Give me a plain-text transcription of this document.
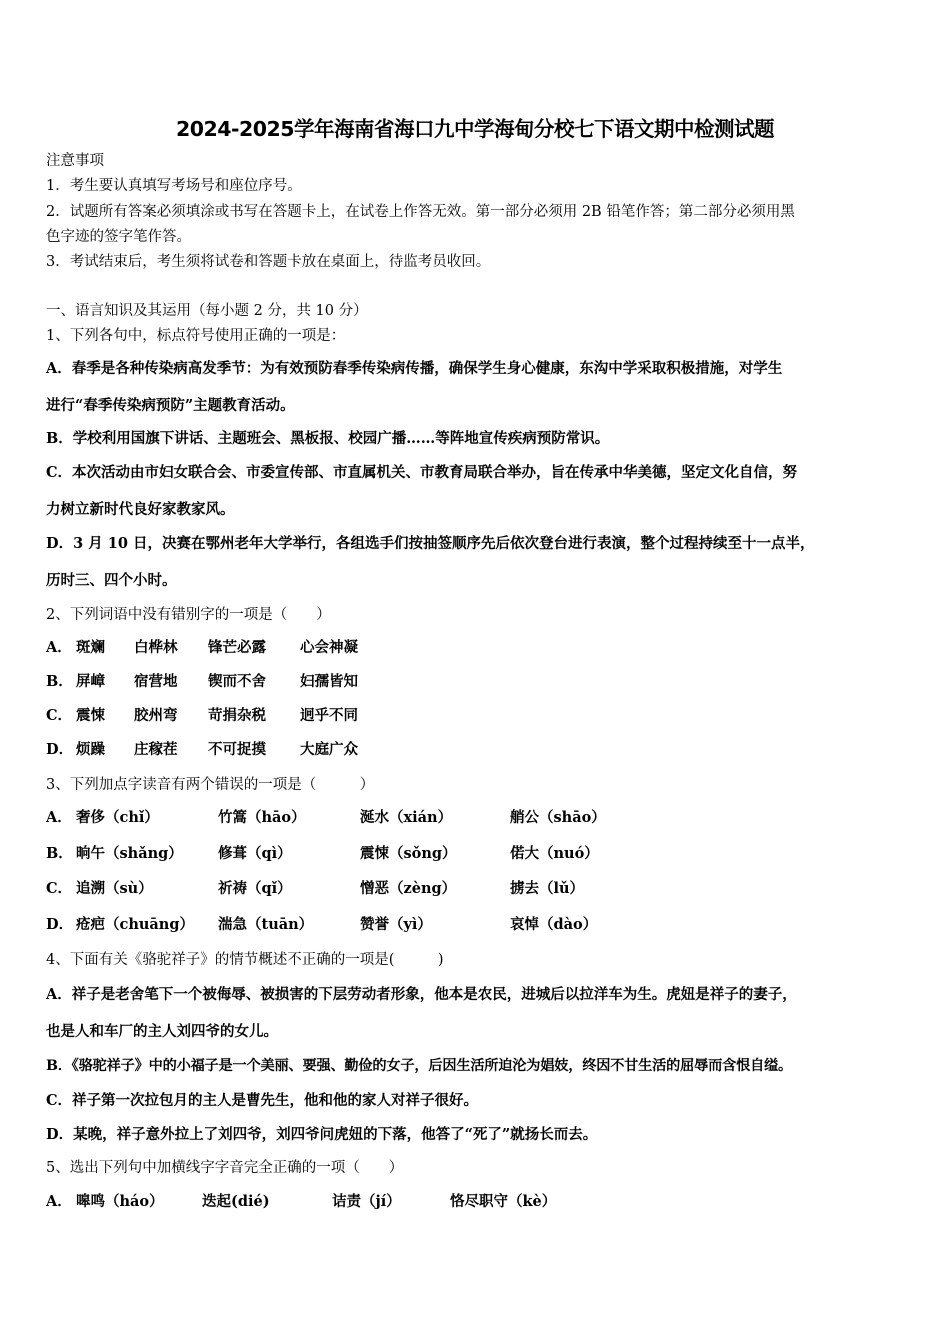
2024-2025学年海南省海口九中学海甸分校七下语文期中检测试题
注意事项
1．考生要认真填写考场号和座位序号。
2．试题所有答案必须填涂或书写在答题卡上，在试卷上作答无效。第一部分必须用 2B 铅笔作答；第二部分必须用黑
色字迹的签字笔作答。
3．考试结束后，考生须将试卷和答题卡放在桌面上，待监考员收回。
一、语言知识及其运用（每小题 2 分，共 10 分）
1、下列各句中，标点符号使用正确的一项是：
A．春季是各种传染病高发季节：为有效预防春季传染病传播，确保学生身心健康，东沟中学采取积极措施，对学生
进行“春季传染病预防”主题教育活动。
B．学校利用国旗下讲话、主题班会、黑板报、校园广播……等阵地宣传疾病预防常识。
C．本次活动由市妇女联合会、市委宣传部、市直属机关、市教育局联合举办，旨在传承中华美德，坚定文化自信，努
力树立新时代良好家教家风。
D．3 月 10 日，决赛在鄂州老年大学举行，各组选手们按抽签顺序先后依次登台进行表演，整个过程持续至十一点半，
历时三、四个小时。
2、下列词语中没有错别字的一项是（　　）
A． 斑斓 白桦林 锋芒必露 心会神凝
B． 屏嶂 宿营地 锲而不舍 妇孺皆知
C． 震悚 胶州弯 苛捐杂税 迥乎不同
D． 烦躁 庄稼茬 不可捉摸 大庭广众
3、下列加点字读音有两个错误的一项是（　　　）
A． 奢侈（chǐ）	竹篙（hāo）	涎水（xián）	艄公（shāo）
B． 晌午（shǎng） 修葺（qì）	震悚（sǒng）	偌大（nuó）
C． 追溯（sù）	祈祷（qǐ）	憎恶（zèng）	掳去（lǔ）
D． 疮疤（chuāng） 湍急（tuān）	赞誉（yì）	哀悼（dào）
4、下面有关《骆驼祥子》的情节概述不正确的一项是(　　　)
A．祥子是老舍笔下一个被侮辱、被损害的下层劳动者形象，他本是农民，进城后以拉洋车为生。虎妞是祥子的妻子，
也是人和车厂的主人刘四爷的女儿。
B．《骆驼祥子》中的小福子是一个美丽、要强、勤俭的女子，后因生活所迫沦为娼妓，终因不甘生活的屈辱而含恨自缢。
C．祥子第一次拉包月的主人是曹先生，他和他的家人对祥子很好。
D．某晚，祥子意外拉上了刘四爷，刘四爷问虎妞的下落，他答了“死了”就扬长而去。
5、选出下列句中加横线字字音完全正确的一项（　　）
A． 嗥鸣（háo）	迭起(dié)	诘责（jí）	恪尽职守（kè）
